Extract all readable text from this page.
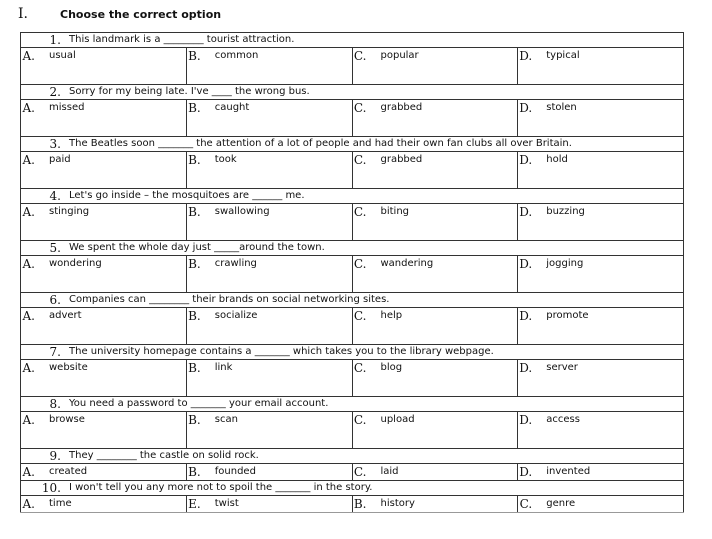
I.	Choose the correct option
1. This landmark is a ________ tourist attraction.			

A. usual	B. common	C. popular	D. typical

2. Sorry for my being late. I've ____ the wrong bus.			

A. missed	B. caught	C. grabbed	D. stolen

3. The Beatles soon _______ the attention of a lot of people and had their own fan clubs all over Britain.			

A. paid	B. took	C. grabbed	D. hold

4. Let's go inside – the mosquitoes are ______ me.			

A. stinging	B. swallowing	C. biting	D. buzzing

5. We spent the whole day just _____around the town.			

A. wondering	B. crawling	C. wandering	D. jogging

6. Companies can ________ their brands on social networking sites.			

A. advert	B. socialize	C. help	D. promote

7. The university homepage contains a _______ which takes you to the library webpage.			

A. website	B. link	C. blog	D. server

8. You need a password to _______ your email account.			

A. browse	B. scan	C. upload	D. access

9. They ________ the castle on solid rock.			

A. created	B. founded	C. laid	D. invented

10. I won't tell you any more not to spoil the _______ in the story.			

A. time	E. twist	B. history	C. genre
